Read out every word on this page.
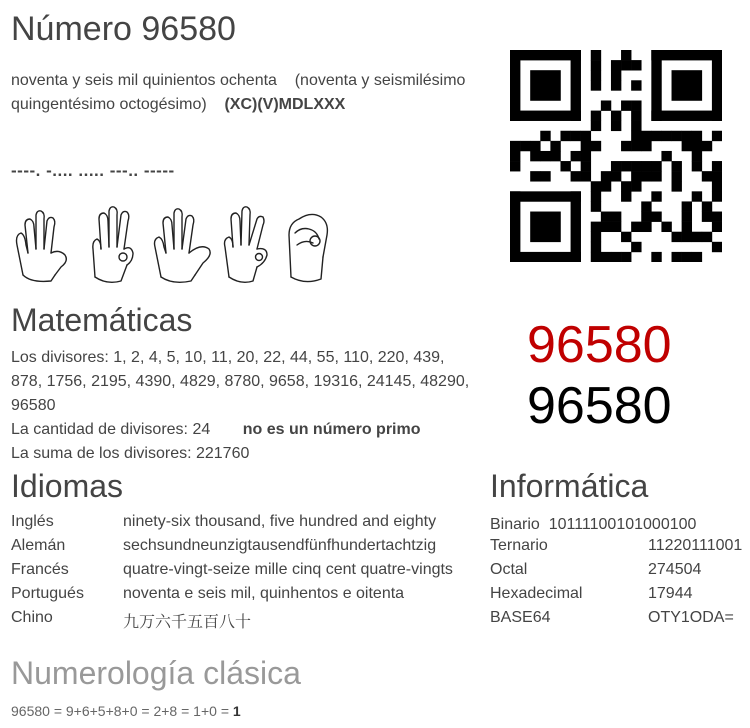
Número 96580
noventa y seis mil quinientos ochenta (noventa y seismilésimo
quingentésimo octogésimo) (XC)(V)MDLXXX
----. -.... ..... ---.. -----
Matemáticas
Los divisores: 1, 2, 4, 5, 10, 11, 20, 22, 44, 55, 110, 220, 439,
878, 1756, 2195, 4390, 4829, 8780, 9658, 19316, 24145, 48290,
96580
La cantidad de divisores: 24 no es un número primo
La suma de los divisores: 221760
96580
96580
Idiomas
Inglés	ninety-six thousand, five hundred and eighty
Alemán	sechsundneunzigtausendfünfhundertachtzig
Francés	quatre-vingt-seize mille cinq cent quatre-vingts
Portugués	noventa e seis mil, quinhentos e oitenta
Chino	九万六千五百八十
Informática
Binario 10111100101000100
Ternario	11220111001
Octal	274504
Hexadecimal	17944
BASE64	OTY1ODA=
Numerología clásica
96580 = 9+6+5+8+0 = 2+8 = 1+0 = 1
